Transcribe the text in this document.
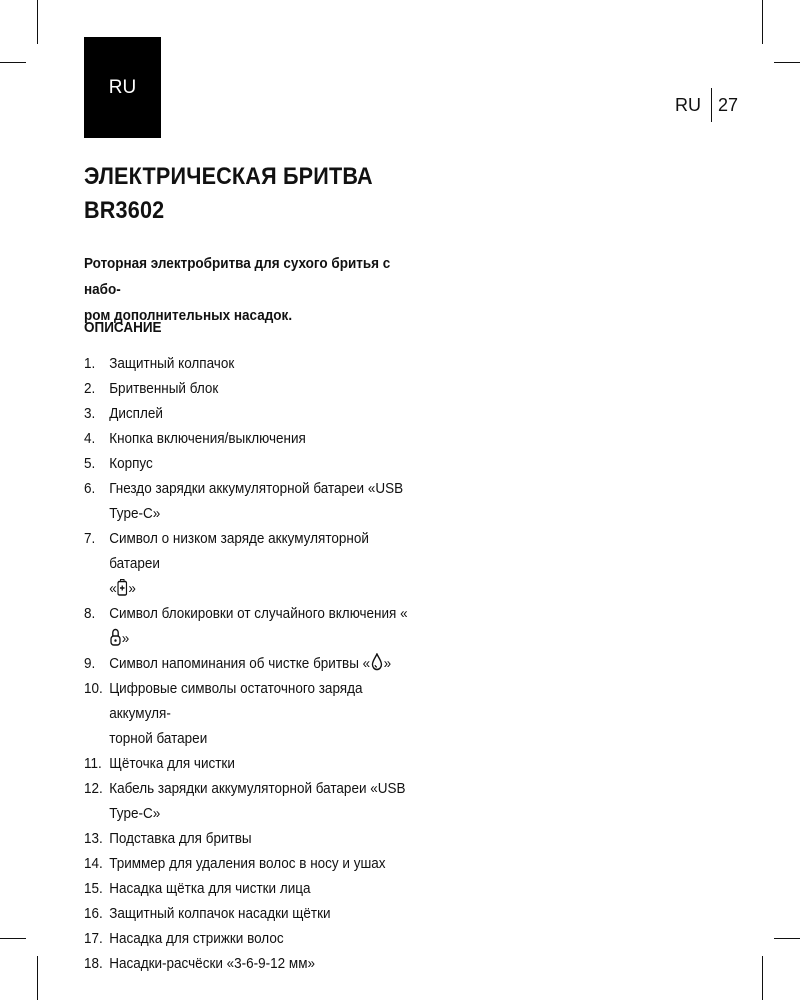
RU
RU 27
ЭЛЕКТРИЧЕСКАЯ БРИТВА
BR3602
Роторная электробритва для сухого бритья с набо-
ром дополнительных насадок.
ОПИСАНИЕ
1. Защитный колпачок
2. Бритвенный блок
3. Дисплей
4. Кнопка включения/выключения
5. Корпус
6. Гнездо зарядки аккумуляторной батареи «USB
Type-C»
7. Символ о низком заряде аккумуляторной батареи
« »
8. Символ блокировки от случайного включения «»
9. Символ напоминания об чистке бритвы « »
10. Цифровые символы остаточного заряда аккумуля-
торной батареи
11. Щёточка для чистки
12. Кабель зарядки аккумуляторной батареи «USB
Type-C»
13. Подставка для бритвы
14. Триммер для удаления волос в носу и ушах
15. Насадка щётка для чистки лица
16. Защитный колпачок насадки щётки
17. Насадка для стрижки волос
18. Насадки-расчёски «3-6-9-12 мм»
